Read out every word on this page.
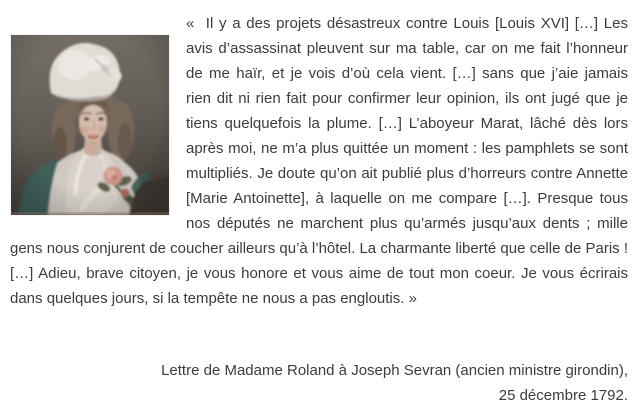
«  Il y a des projets désastreux contre Louis [Louis XVI] […] Les avis d’assassinat pleuvent sur ma table, car on me fait l’honneur de me haïr, et je vois d’où cela vient. […] sans que j’aie jamais rien dit ni rien fait pour confirmer leur opinion, ils ont jugé que je tiens quelquefois la plume. […] L’aboyeur Marat, lâché dès lors après moi, ne m’a plus quittée un moment : les pamphlets se sont multipliés. Je doute qu’on ait publié plus d’horreurs contre Annette [Marie Antoinette], à laquelle on me compare […]. Presque tous nos députés ne marchent plus qu’armés jusqu’aux dents ; mille gens nous conjurent de coucher ailleurs qu’à l’hôtel. La charmante liberté que celle de Paris ! […] Adieu, brave citoyen, je vous honore et vous aime de tout mon coeur. Je vous écrirais dans quelques jours, si la tempête ne nous a pas engloutis. »

Lettre de Madame Roland à Joseph Sevran (ancien ministre girondin),
25 décembre 1792.
